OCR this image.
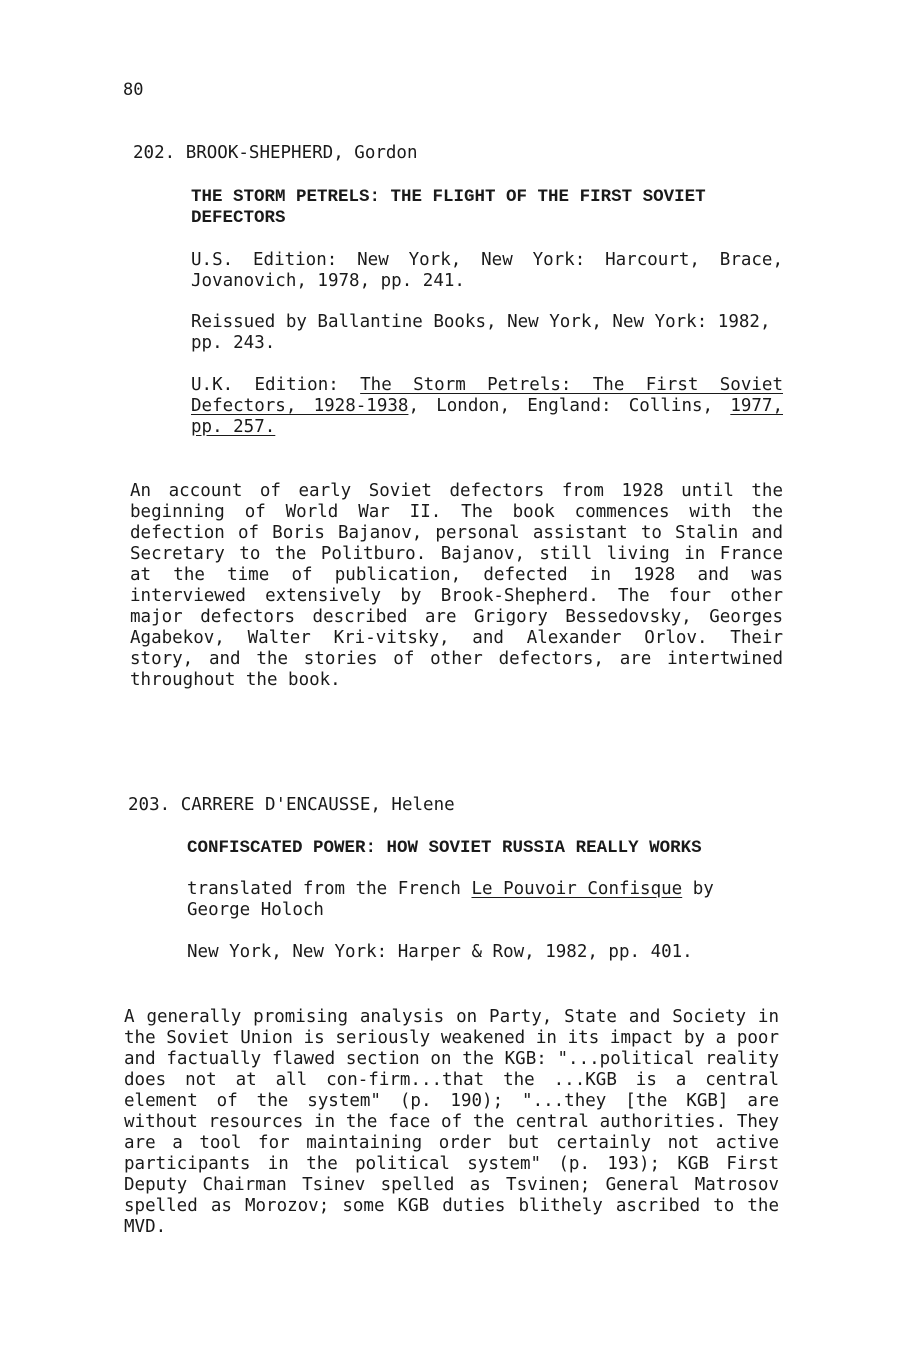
80
202. BROOK-SHEPHERD, Gordon
THE STORM PETRELS: THE FLIGHT OF THE FIRST SOVIET DEFECTORS
U.S. Edition: New York, New York: Harcourt, Brace, Jovanovich, 1978, pp. 241.
Reissued by Ballantine Books, New York, New York: 1982, pp. 243.
U.K. Edition: The Storm Petrels: The First Soviet Defectors, 1928-1938, London, England: Collins, 1977, pp. 257.
An account of early Soviet defectors from 1928 until the beginning of World War II. The book commences with the defection of Boris Bajanov, personal assistant to Stalin and Secretary to the Politburo. Bajanov, still living in France at the time of publication, defected in 1928 and was interviewed extensively by Brook-Shepherd. The four other major defectors described are Grigory Bessedovsky, Georges Agabekov, Walter Kri-vitsky, and Alexander Orlov. Their story, and the stories of other defectors, are intertwined throughout the book.
203. CARRERE D'ENCAUSSE, Helene
CONFISCATED POWER: HOW SOVIET RUSSIA REALLY WORKS
translated from the French Le Pouvoir Confisque by George Holoch
New York, New York: Harper & Row, 1982, pp. 401.
A generally promising analysis on Party, State and Society in the Soviet Union is seriously weakened in its impact by a poor and factually flawed section on the KGB: "...political reality does not at all con-firm...that the ...KGB is a central element of the system" (p. 190); "...they [the KGB] are without resources in the face of the central authorities. They are a tool for maintaining order but certainly not active participants in the political system" (p. 193); KGB First Deputy Chairman Tsinev spelled as Tsvinen; General Matrosov spelled as Morozov; some KGB duties blithely ascribed to the MVD.
